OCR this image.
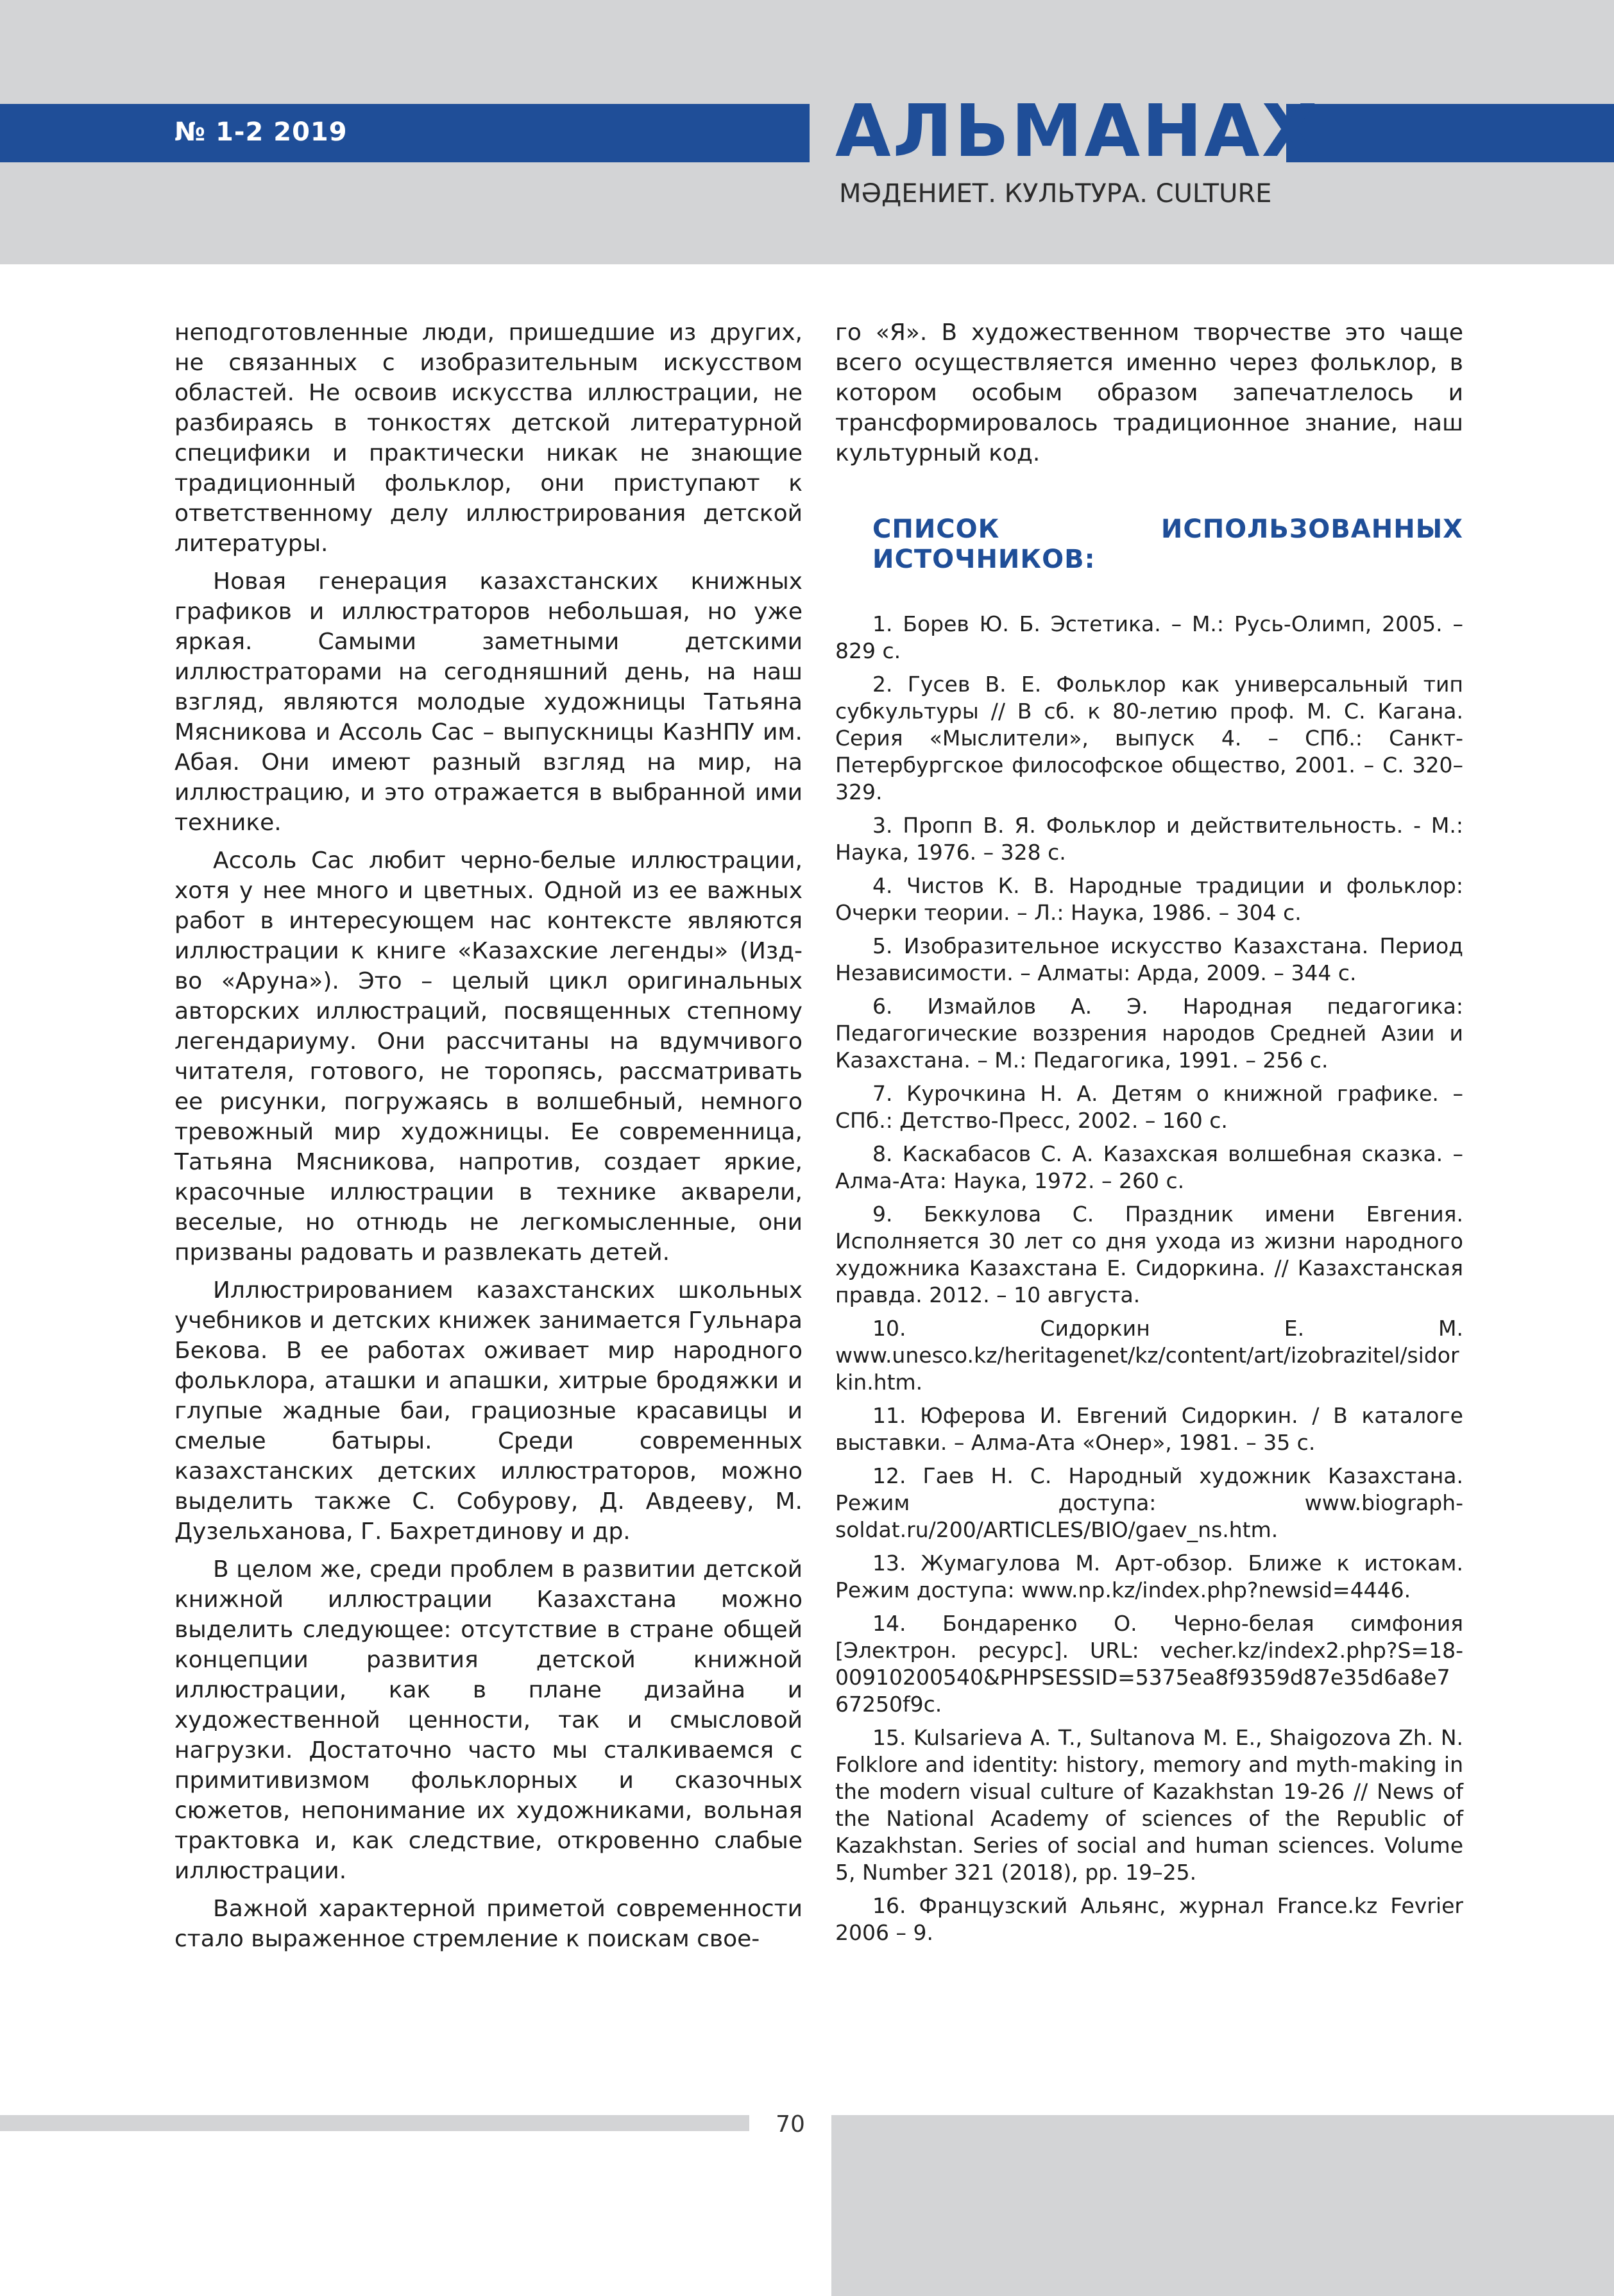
№ 1-2 2019	АЛЬМАНАХ
МӘДЕНИЕТ. КУЛЬТУРА. CULTURE

неподготовленные люди, пришедшие из других, не связанных с изобразительным искусством областей. Не освоив искусства иллюстрации, не разбираясь в тонкостях детской литературной специфики и практически никак не знающие традиционный фольклор, они приступают к ответственному делу иллюстрирования детской литературы.

Новая генерация казахстанских книжных графиков и иллюстраторов небольшая, но уже яркая. Самыми заметными детскими иллюстраторами на сегодняшний день, на наш взгляд, являются молодые художницы Татьяна Мясникова и Ассоль Сас – выпускницы КазНПУ им. Абая. Они имеют разный взгляд на мир, на иллюстрацию, и это отражается в выбранной ими технике.

Ассоль Сас любит черно-белые иллюстрации, хотя у нее много и цветных. Одной из ее важных работ в интересующем нас контексте являются иллюстрации к книге «Казахские легенды» (Изд-во «Аруна»). Это – целый цикл оригинальных авторских иллюстраций, посвященных степному легендариуму. Они рассчитаны на вдумчивого читателя, готового, не торопясь, рассматривать ее рисунки, погружаясь в волшебный, немного тревожный мир художницы. Ее современница, Татьяна Мясникова, напротив, создает яркие, красочные иллюстрации в технике акварели, веселые, но отнюдь не легкомысленные, они призваны радовать и развлекать детей.

Иллюстрированием казахстанских школьных учебников и детских книжек занимается Гульнара Бекова. В ее работах оживает мир народного фольклора, аташки и апашки, хитрые бродяжки и глупые жадные баи, грациозные красавицы и смелые батыры. Среди современных казахстанских детских иллюстраторов, можно выделить также С. Собурову, Д. Авдееву, М. Дузельханова, Г. Бахретдинову и др.

В целом же, среди проблем в развитии детской книжной иллюстрации Казахстана можно выделить следующее: отсутствие в стране общей концепции развития детской книжной иллюстрации, как в плане дизайна и художественной ценности, так и смысловой нагрузки. Достаточно часто мы сталкиваемся с примитивизмом фольклорных и сказочных сюжетов, непонимание их художниками, вольная трактовка и, как следствие, откровенно слабые иллюстрации.

Важной характерной приметой современности стало выраженное стремление к поискам свое-

го «Я». В художественном творчестве это чаще всего осуществляется именно через фольклор, в котором особым образом запечатлелось и трансформировалось традиционное знание, наш культурный код.

СПИСОК ИСПОЛЬЗОВАННЫХ ИСТОЧНИКОВ:
1. Борев Ю. Б. Эстетика. – М.: Русь-Олимп, 2005. – 829 с.
2. Гусев В. Е. Фольклор как универсальный тип субкультуры // В сб. к 80-летию проф. М. С. Кагана. Серия «Мыслители», выпуск 4. – СПб.: Санкт-Петербургское философское общество, 2001. – С. 320–329.
3. Пропп В. Я. Фольклор и действительность. - М.: Наука, 1976. – 328 с.
4. Чистов К. В. Народные традиции и фольклор: Очерки теории. – Л.: Наука, 1986. – 304 с.
5. Изобразительное искусство Казахстана. Период Независимости. – Алматы: Арда, 2009. – 344 с.
6. Измайлов А. Э. Народная педагогика: Педагогические воззрения народов Средней Азии и Казахстана. – М.: Педагогика, 1991. – 256 с.
7. Курочкина Н. А. Детям о книжной графике. – СПб.: Детство-Пресс, 2002. – 160 с.
8. Каскабасов С. А. Казахская волшебная сказка. – Алма-Ата: Наука, 1972. – 260 с.
9. Беккулова С. Праздник имени Евгения. Исполняется 30 лет со дня ухода из жизни народного художника Казахстана Е. Сидоркина. // Казахстанская правда. 2012. – 10 августа.
10. Сидоркин Е. М. www.unesco.kz/heritagenet/kz/content/art/izobrazitel/sidorkin.htm.
11. Юферова И. Евгений Сидоркин. / В каталоге выставки. – Алма-Ата «Онер», 1981. – 35 с.
12. Гаев Н. С. Народный художник Казахстана. Режим доступа: www.biograph-soldat.ru/200/ARTICLES/BIO/gaev_ns.htm.
13. Жумагулова М. Арт-обзор. Ближе к истокам. Режим доступа: www.np.kz/index.php?newsid=4446.
14. Бондаренко О. Черно-белая симфония [Электрон. ресурс]. URL: vecher.kz/index2.php?S=18- 00910200540&PHPSESSID=5375ea8f9359d87e35d6a8e767250f9c.
15. Kulsarieva A. T., Sultanova M. E., Shaigozova Zh. N. Folklore and identity: history, memory and myth-making in the modern visual culture of Kazakhstan 19-26 // News of the National Academy of sciences of the Republic of Kazakhstan. Series of social and human sciences. Volume 5, Number 321 (2018), pp. 19–25.
16. Французский Альянс, журнал France.kz Fevrier 2006 – 9.
70
